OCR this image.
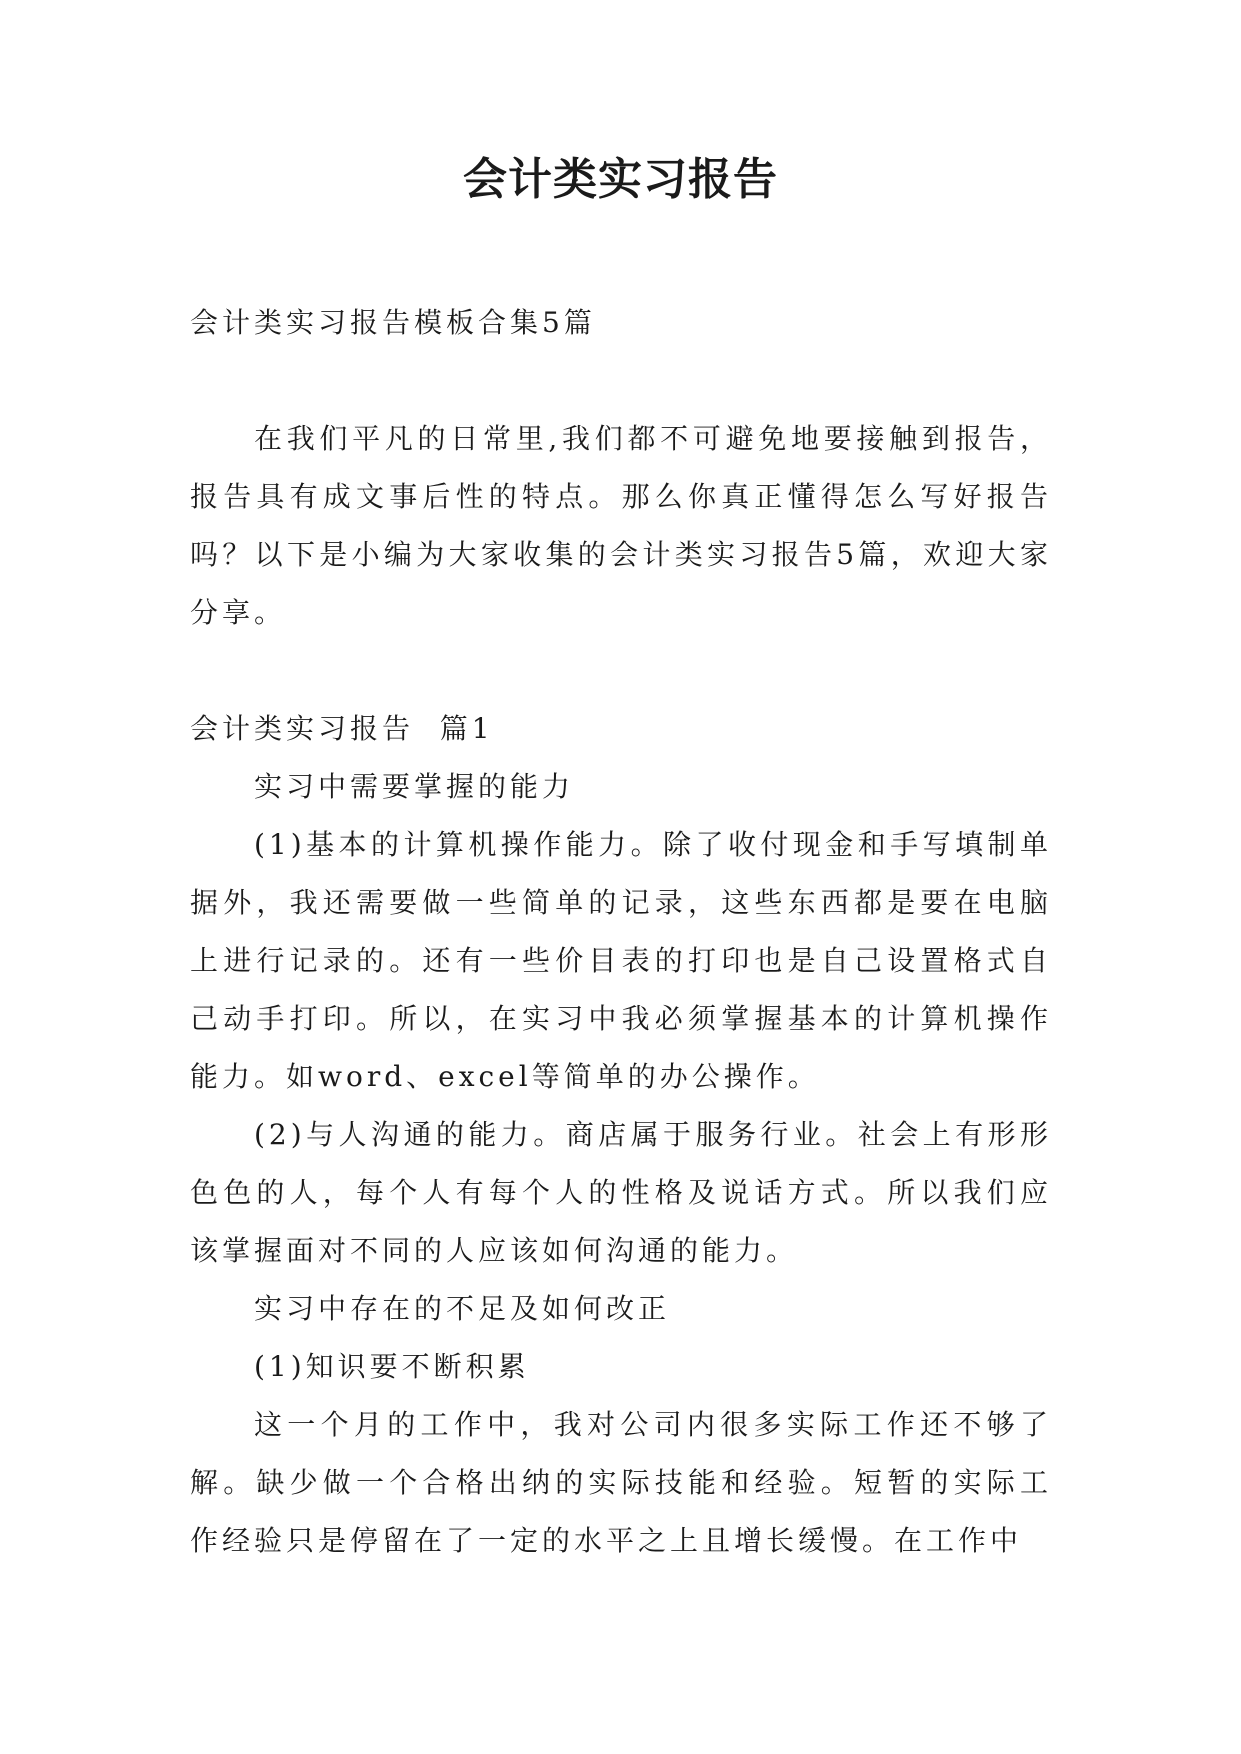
会计类实习报告

会计类实习报告模板合集5篇

在我们平凡的日常里,我们都不可避免地要接触到报告，报告具有成文事后性的特点。那么你真正懂得怎么写好报告吗？以下是小编为大家收集的会计类实习报告5篇，欢迎大家分享。

会计类实习报告  篇1

实习中需要掌握的能力

(1)基本的计算机操作能力。除了收付现金和手写填制单据外，我还需要做一些简单的记录，这些东西都是要在电脑上进行记录的。还有一些价目表的打印也是自己设置格式自己动手打印。所以，在实习中我必须掌握基本的计算机操作能力。如word、excel等简单的办公操作。

(2)与人沟通的能力。商店属于服务行业。社会上有形形色色的人，每个人有每个人的性格及说话方式。所以我们应该掌握面对不同的人应该如何沟通的能力。

实习中存在的不足及如何改正

(1)知识要不断积累

这一个月的工作中，我对公司内很多实际工作还不够了解。缺少做一个合格出纳的实际技能和经验。短暂的实际工作经验只是停留在了一定的水平之上且增长缓慢。在工作中
